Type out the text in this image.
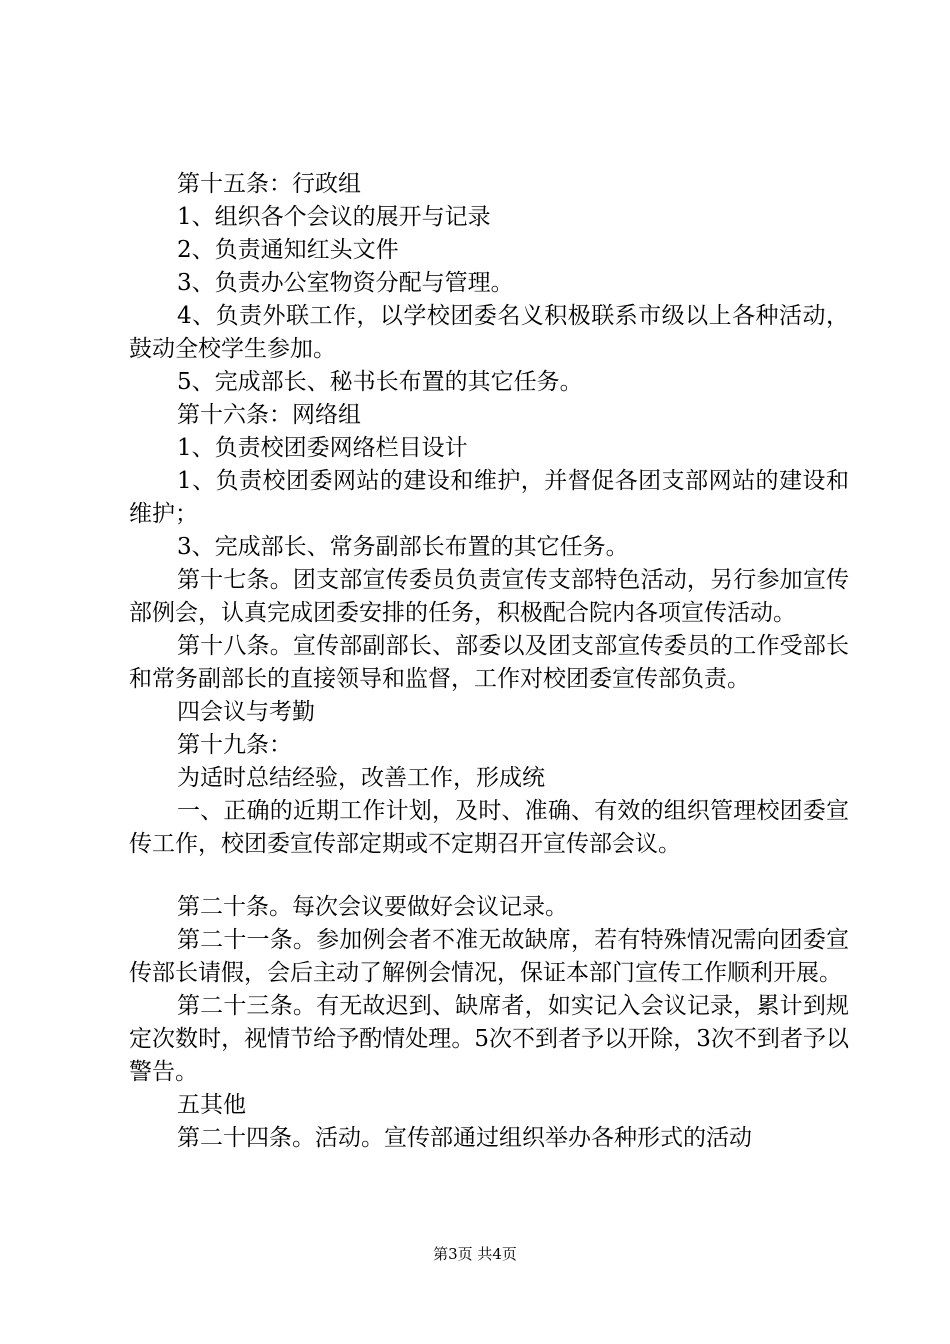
第十五条：行政组

1、组织各个会议的展开与记录

2、负责通知红头文件

3、负责办公室物资分配与管理。

4、负责外联工作，以学校团委名义积极联系市级以上各种活动，鼓动全校学生参加。

5、完成部长、秘书长布置的其它任务。

第十六条：网络组

1、负责校团委网络栏目设计

1、负责校团委网站的建设和维护，并督促各团支部网站的建设和维护；

3、完成部长、常务副部长布置的其它任务。

第十七条。团支部宣传委员负责宣传支部特色活动，另行参加宣传部例会，认真完成团委安排的任务，积极配合院内各项宣传活动。

第十八条。宣传部副部长、部委以及团支部宣传委员的工作受部长和常务副部长的直接领导和监督，工作对校团委宣传部负责。

四会议与考勤

第十九条：

为适时总结经验，改善工作，形成统

一、正确的近期工作计划，及时、准确、有效的组织管理校团委宣传工作，校团委宣传部定期或不定期召开宣传部会议。

第二十条。每次会议要做好会议记录。

第二十一条。参加例会者不准无故缺席，若有特殊情况需向团委宣传部长请假，会后主动了解例会情况，保证本部门宣传工作顺利开展。

第二十三条。有无故迟到、缺席者，如实记入会议记录，累计到规定次数时，视情节给予酌情处理。5次不到者予以开除，3次不到者予以警告。

五其他

第二十四条。活动。宣传部通过组织举办各种形式的活动

第3页 共4页
